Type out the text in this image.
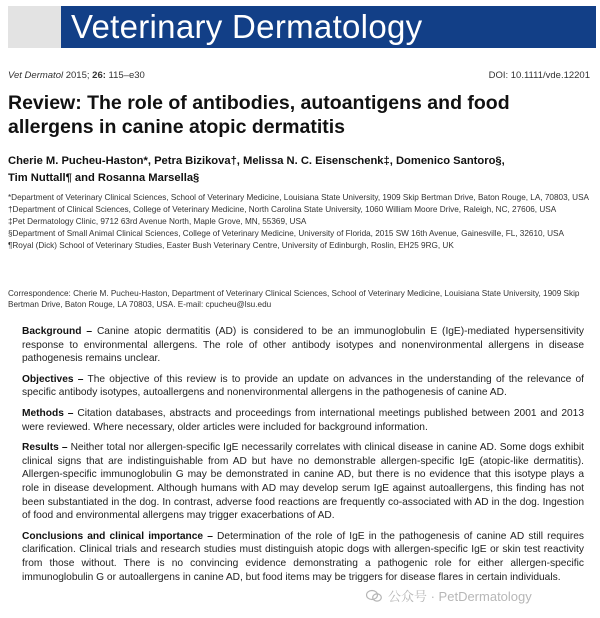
Veterinary Dermatology
Vet Dermatol 2015; 26: 115–e30	DOI: 10.1111/vde.12201
Review: The role of antibodies, autoantigens and food allergens in canine atopic dermatitis
Cherie M. Pucheu-Haston*, Petra Bizikova†, Melissa N. C. Eisenschenk‡, Domenico Santoro§,
Tim Nuttall¶ and Rosanna Marsella§

*Department of Veterinary Clinical Sciences, School of Veterinary Medicine, Louisiana State University, 1909 Skip Bertman Drive, Baton Rouge, LA, 70803, USA

†Department of Clinical Sciences, College of Veterinary Medicine, North Carolina State University, 1060 William Moore Drive, Raleigh, NC, 27606, USA

‡Pet Dermatology Clinic, 9712 63rd Avenue North, Maple Grove, MN, 55369, USA

§Department of Small Animal Clinical Sciences, College of Veterinary Medicine, University of Florida, 2015 SW 16th Avenue, Gainesville, FL, 32610, USA

¶Royal (Dick) School of Veterinary Studies, Easter Bush Veterinary Centre, University of Edinburgh, Roslin, EH25 9RG, UK

Correspondence: Cherie M. Pucheu-Haston, Department of Veterinary Clinical Sciences, School of Veterinary Medicine, Louisiana State University, 1909 Skip Bertman Drive, Baton Rouge, LA 70803, USA. E-mail: cpucheu@lsu.edu

Background – Canine atopic dermatitis (AD) is considered to be an immunoglobulin E (IgE)-mediated hypersensitivity response to environmental allergens. The role of other antibody isotypes and nonenvironmental allergens in disease pathogenesis remains unclear.

Objectives – The objective of this review is to provide an update on advances in the understanding of the relevance of specific antibody isotypes, autoallergens and nonenvironmental allergens in the pathogenesis of canine AD.

Methods – Citation databases, abstracts and proceedings from international meetings published between 2001 and 2013 were reviewed. Where necessary, older articles were included for background information.

Results – Neither total nor allergen-specific IgE necessarily correlates with clinical disease in canine AD. Some dogs exhibit clinical signs that are indistinguishable from AD but have no demonstrable allergen-specific IgE (atopic-like dermatitis). Allergen-specific immunoglobulin G may be demonstrated in canine AD, but there is no evidence that this isotype plays a role in disease development. Although humans with AD may develop serum IgE against autoallergens, this finding has not been substantiated in the dog. In contrast, adverse food reactions are frequently co-associated with AD in the dog. Ingestion of food and environmental allergens may trigger exacerbations of AD.

Conclusions and clinical importance – Determination of the role of IgE in the pathogenesis of canine AD still requires clarification. Clinical trials and research studies must distinguish atopic dogs with allergen-specific IgE or skin test reactivity from those without. There is no convincing evidence demonstrating a pathogenic role for either allergen-specific immunoglobulin G or autoallergens in canine AD, but food items may be triggers for disease flares in certain individuals.

公众号 · PetDermatology
